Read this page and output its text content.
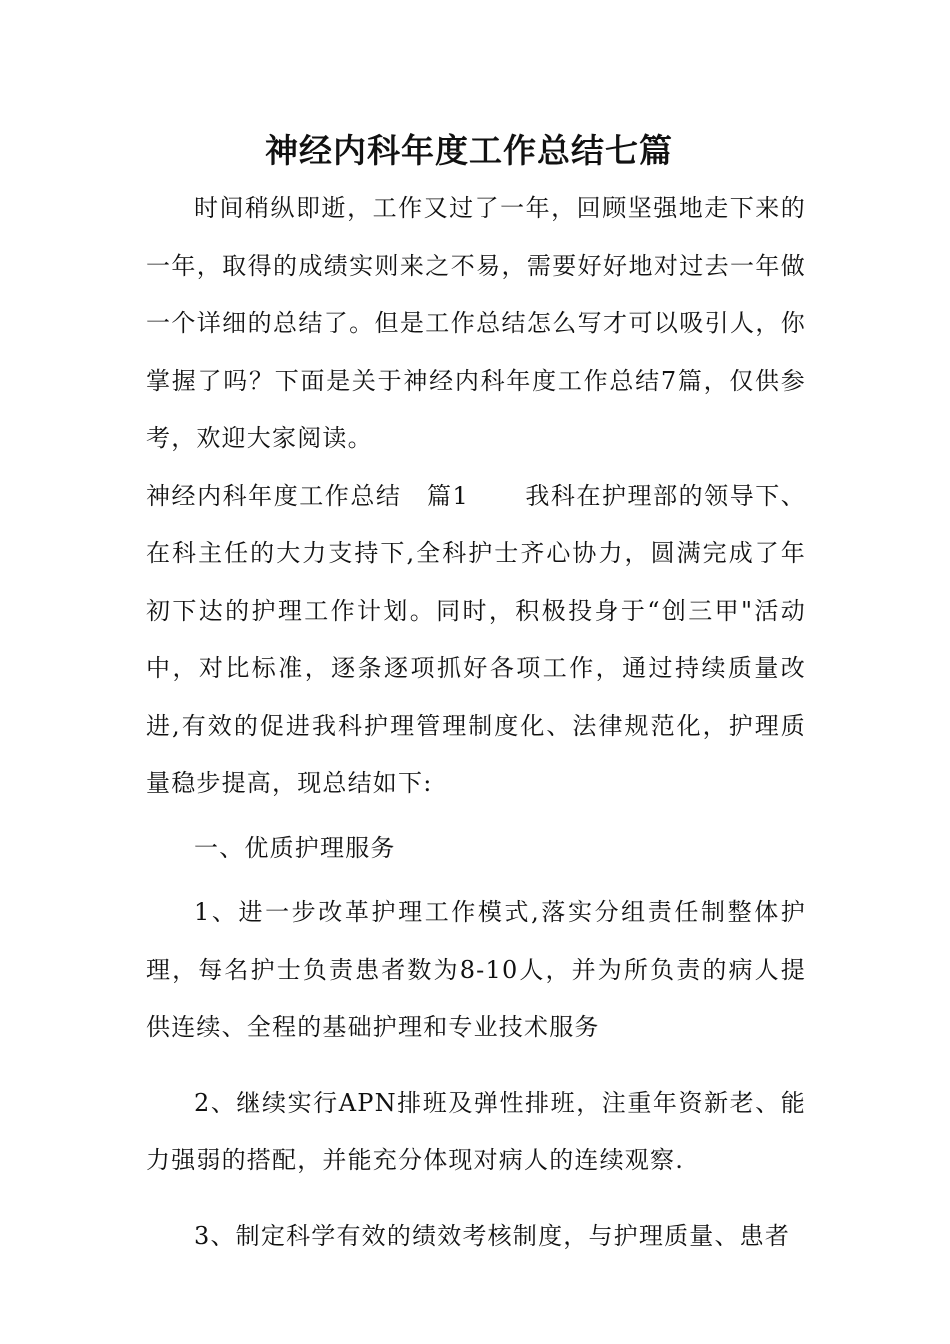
神经内科年度工作总结七篇

时间稍纵即逝，工作又过了一年，回顾坚强地走下来的一年，取得的成绩实则来之不易，需要好好地对过去一年做一个详细的总结了。但是工作总结怎么写才可以吸引人，你掌握了吗？下面是关于神经内科年度工作总结7篇，仅供参考，欢迎大家阅读。

神经内科年度工作总结　篇1 我科在护理部的领导下、在科主任的大力支持下,全科护士齐心协力，圆满完成了年初下达的护理工作计划。同时，积极投身于“创三甲"活动中，对比标准，逐条逐项抓好各项工作，通过持续质量改进,有效的促进我科护理管理制度化、法律规范化，护理质量稳步提高，现总结如下:

一、优质护理服务

1、进一步改革护理工作模式,落实分组责任制整体护理，每名护士负责患者数为8-10人，并为所负责的病人提供连续、全程的基础护理和专业技术服务

2、继续实行APN排班及弹性排班，注重年资新老、能力强弱的搭配，并能充分体现对病人的连续观察.

3、制定科学有效的绩效考核制度，与护理质量、患者
